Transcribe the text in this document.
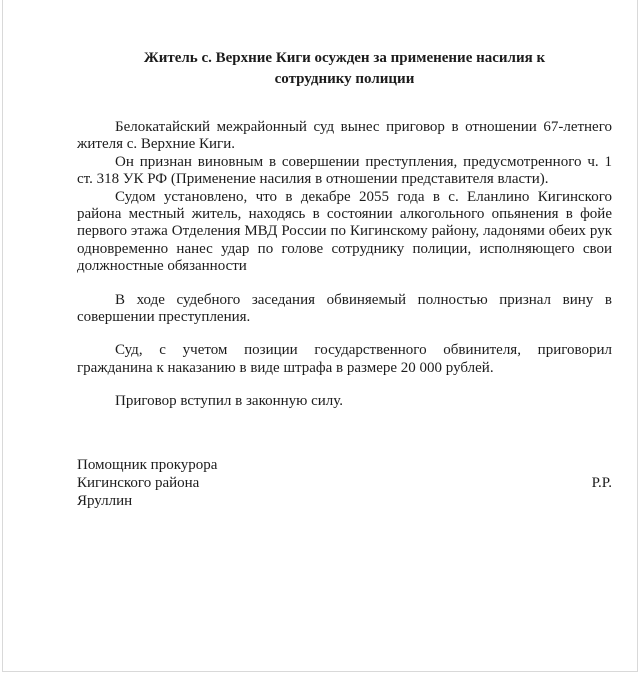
Житель с. Верхние Киги осужден за применение насилия к
сотруднику полиции

Белокатайский межрайонный суд вынес приговор в отношении 67-летнего жителя с. Верхние Киги.

Он признан виновным в совершении преступления, предусмотренного ч. 1 ст. 318 УК РФ (Применение насилия в отношении представителя власти).

Судом установлено, что в декабре 2055 года в с. Еланлино Кигинского района местный житель, находясь в состоянии алкогольного опьянения в фойе первого этажа Отделения МВД России по Кигинскому району, ладонями обеих рук одновременно нанес удар по голове сотруднику полиции, исполняющего свои должностные обязанности

В ходе судебного заседания обвиняемый полностью признал вину в совершении преступления.

Суд, с учетом позиции государственного обвинителя, приговорил гражданина к наказанию в виде штрафа в размере 20 000 рублей.

Приговор вступил в законную силу.

Помощник прокурора
Кигинского района	Р.Р.
Яруллин
